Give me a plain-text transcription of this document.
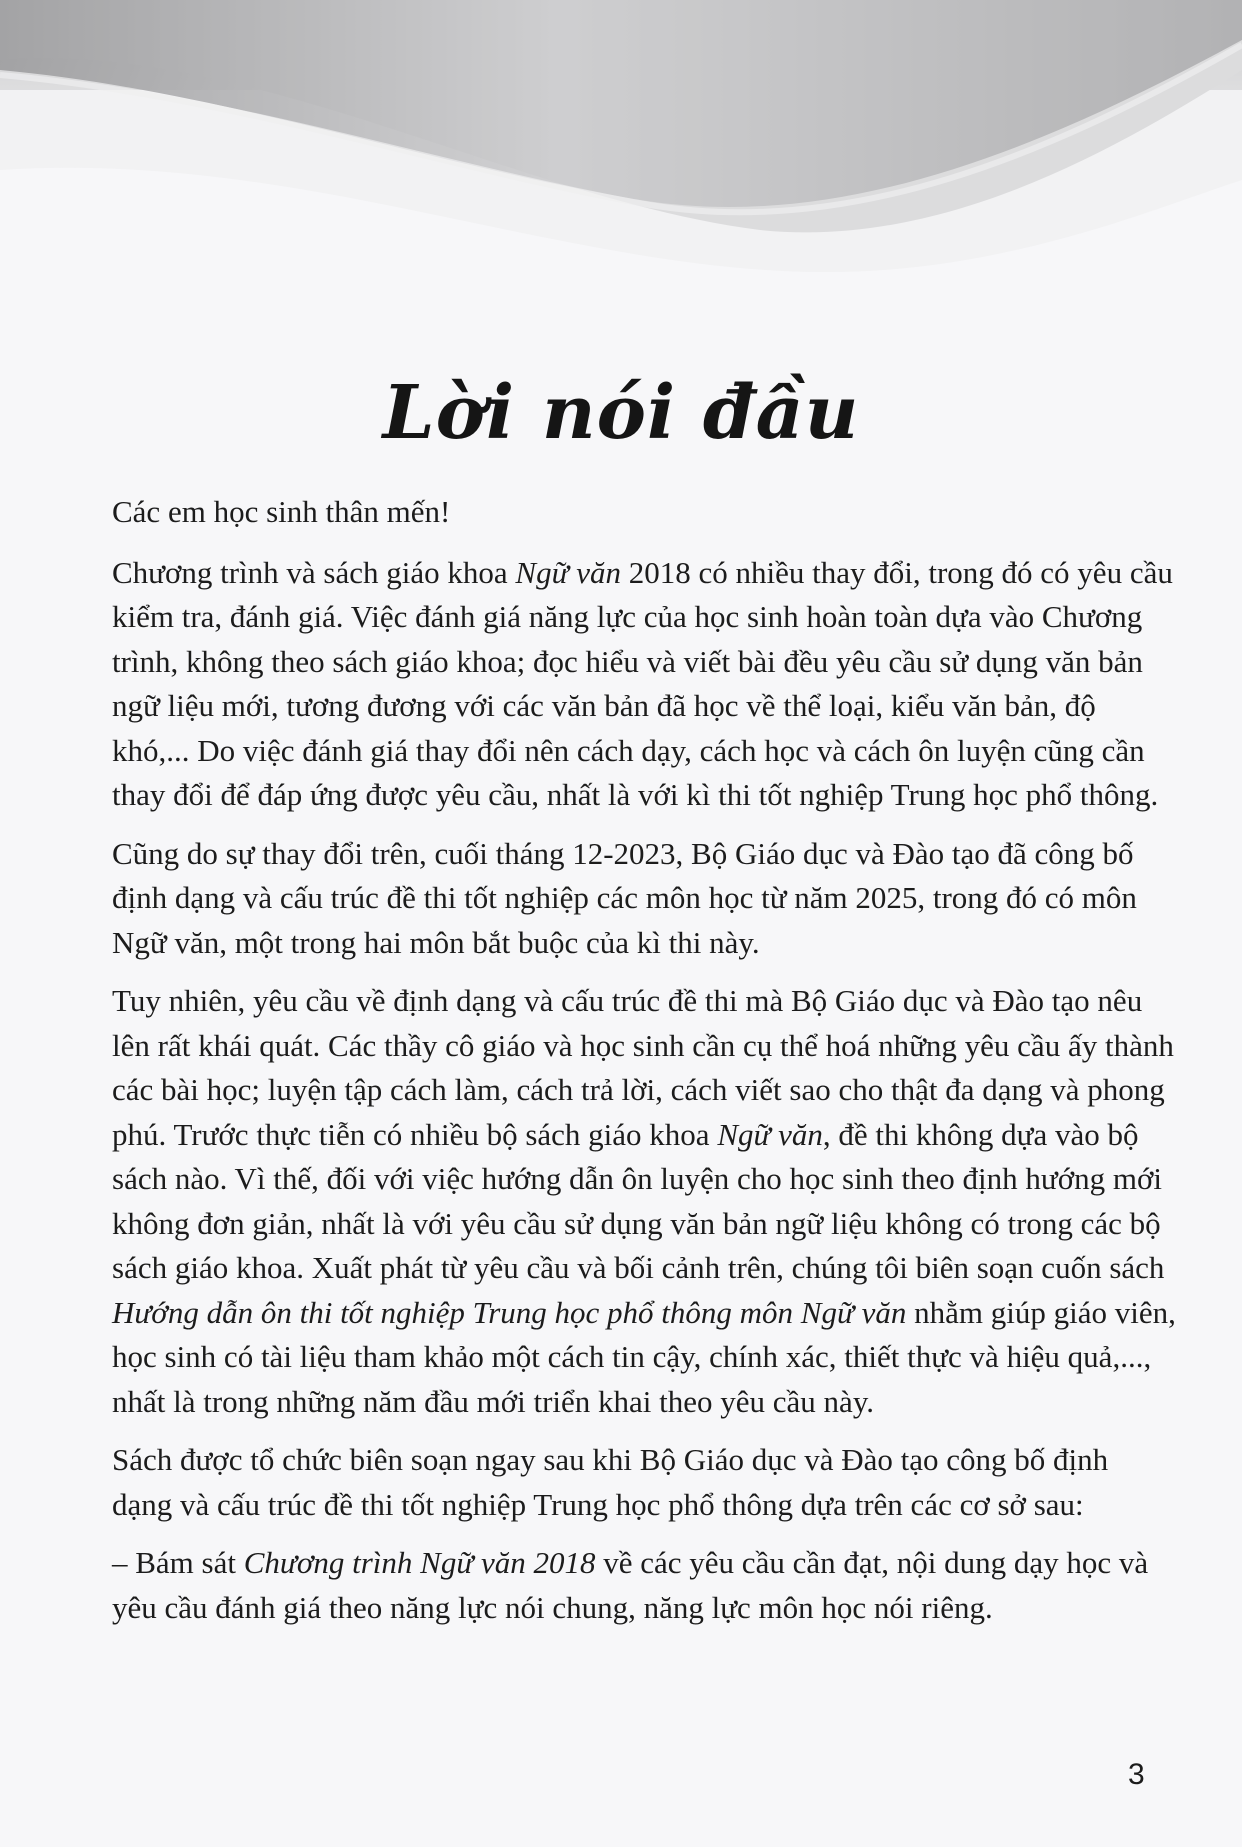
Lời nói đầu

Các em học sinh thân mến!

Chương trình và sách giáo khoa Ngữ văn 2018 có nhiều thay đổi, trong đó có yêu cầu kiểm tra, đánh giá. Việc đánh giá năng lực của học sinh hoàn toàn dựa vào Chương trình, không theo sách giáo khoa; đọc hiểu và viết bài đều yêu cầu sử dụng văn bản ngữ liệu mới, tương đương với các văn bản đã học về thể loại, kiểu văn bản, độ khó,... Do việc đánh giá thay đổi nên cách dạy, cách học và cách ôn luyện cũng cần thay đổi để đáp ứng được yêu cầu, nhất là với kì thi tốt nghiệp Trung học phổ thông.

Cũng do sự thay đổi trên, cuối tháng 12-2023, Bộ Giáo dục và Đào tạo đã công bố định dạng và cấu trúc đề thi tốt nghiệp các môn học từ năm 2025, trong đó có môn Ngữ văn, một trong hai môn bắt buộc của kì thi này.

Tuy nhiên, yêu cầu về định dạng và cấu trúc đề thi mà Bộ Giáo dục và Đào tạo nêu lên rất khái quát. Các thầy cô giáo và học sinh cần cụ thể hoá những yêu cầu ấy thành các bài học; luyện tập cách làm, cách trả lời, cách viết sao cho thật đa dạng và phong phú. Trước thực tiễn có nhiều bộ sách giáo khoa Ngữ văn, đề thi không dựa vào bộ sách nào. Vì thế, đối với việc hướng dẫn ôn luyện cho học sinh theo định hướng mới không đơn giản, nhất là với yêu cầu sử dụng văn bản ngữ liệu không có trong các bộ sách giáo khoa. Xuất phát từ yêu cầu và bối cảnh trên, chúng tôi biên soạn cuốn sách Hướng dẫn ôn thi tốt nghiệp Trung học phổ thông môn Ngữ văn nhằm giúp giáo viên, học sinh có tài liệu tham khảo một cách tin cậy, chính xác, thiết thực và hiệu quả,..., nhất là trong những năm đầu mới triển khai theo yêu cầu này.

Sách được tổ chức biên soạn ngay sau khi Bộ Giáo dục và Đào tạo công bố định dạng và cấu trúc đề thi tốt nghiệp Trung học phổ thông dựa trên các cơ sở sau:

– Bám sát Chương trình Ngữ văn 2018 về các yêu cầu cần đạt, nội dung dạy học và yêu cầu đánh giá theo năng lực nói chung, năng lực môn học nói riêng.

3
